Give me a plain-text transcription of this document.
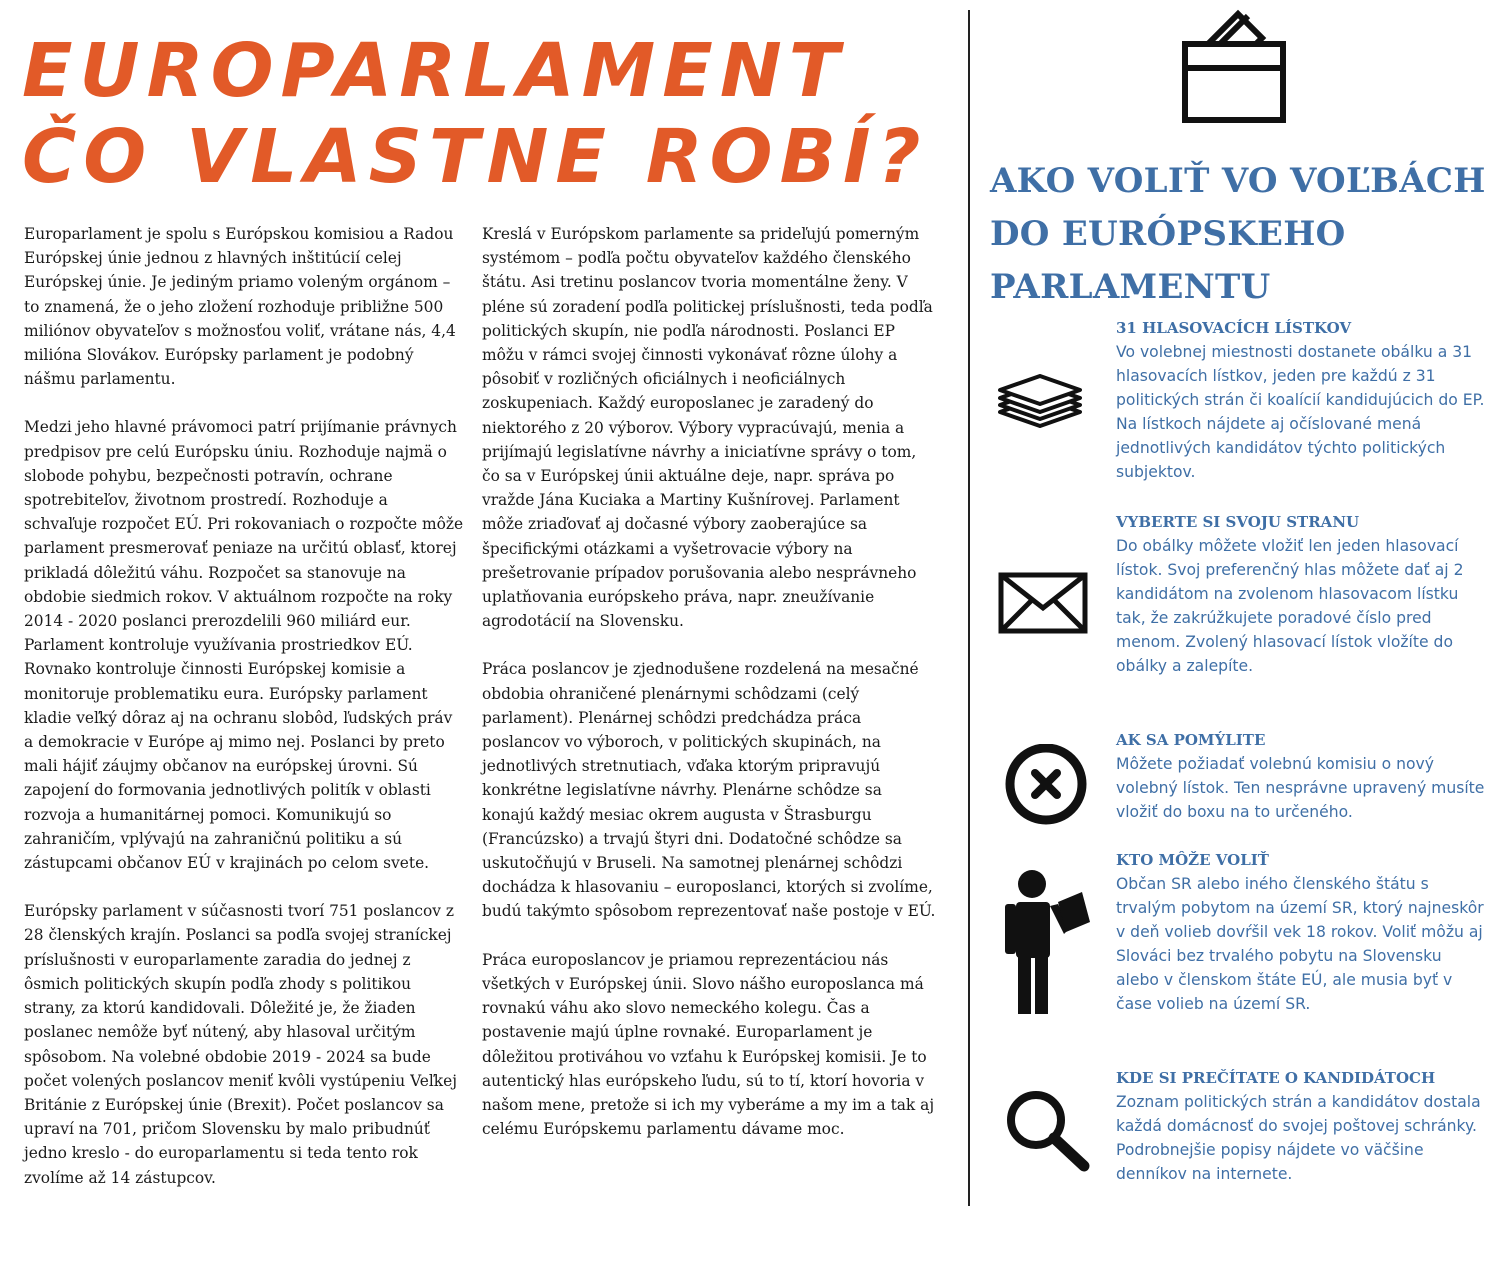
EUROPARLAMENT
ČO VLASTNE ROBÍ?

Europarlament je spolu s Európskou komisiou a Radou Európskej únie jednou z hlavných inštitúcií celej Európskej únie. Je jediným priamo voleným orgánom – to znamená, že o jeho zložení rozhoduje približne 500 miliónov obyvateľov s možnosťou voliť, vrátane nás, 4,4 milióna Slovákov. Európsky parlament je podobný nášmu parlamentu.

Medzi jeho hlavné právomoci patrí prijímanie právnych predpisov pre celú Európsku úniu. Rozhoduje najmä o slobode pohybu, bezpečnosti potravín, ochrane spotrebiteľov, životnom prostredí. Rozhoduje a schvaľuje rozpočet EÚ. Pri rokovaniach o rozpočte môže parlament presmerovať peniaze na určitú oblasť, ktorej prikladá dôležitú váhu. Rozpočet sa stanovuje na obdobie siedmich rokov. V aktuálnom rozpočte na roky 2014 - 2020 poslanci prerozdelili 960 miliárd eur. Parlament kontroluje využívania prostriedkov EÚ. Rovnako kontroluje činnosti Európskej komisie a monitoruje problematiku eura. Európsky parlament kladie veľký dôraz aj na ochranu slobôd, ľudských práv a demokracie v Európe aj mimo nej. Poslanci by preto mali hájiť záujmy občanov na európskej úrovni. Sú zapojení do formovania jednotlivých politík v oblasti rozvoja a humanitárnej pomoci. Komunikujú so zahraničím, vplývajú na zahraničnú politiku a sú zástupcami občanov EÚ v krajinách po celom svete.

Európsky parlament v súčasnosti tvorí 751 poslancov z 28 členských krajín. Poslanci sa podľa svojej straníckej príslušnosti v europarlamente zaradia do jednej z ôsmich politických skupín podľa zhody s politikou strany, za ktorú kandidovali. Dôležité je, že žiaden poslanec nemôže byť nútený, aby hlasoval určitým spôsobom. Na volebné obdobie 2019 - 2024 sa bude počet volených poslancov meniť kvôli vystúpeniu Veľkej Británie z Európskej únie (Brexit). Počet poslancov sa upraví na 701, pričom Slovensku by malo pribudnúť jedno kreslo - do europarlamentu si teda tento rok zvolíme až 14 zástupcov.

Kreslá v Európskom parlamente sa prideľujú pomerným systémom – podľa počtu obyvateľov každého členského štátu. Asi tretinu poslancov tvoria momentálne ženy. V pléne sú zoradení podľa politickej príslušnosti, teda podľa politických skupín, nie podľa národnosti. Poslanci EP môžu v rámci svojej činnosti vykonávať rôzne úlohy a pôsobiť v rozličných oficiálnych i neoficiálnych zoskupeniach. Každý europoslanec je zaradený do niektorého z 20 výborov. Výbory vypracúvajú, menia a prijímajú legislatívne návrhy a iniciatívne správy o tom, čo sa v Európskej únii aktuálne deje, napr. správa po vražde Jána Kuciaka a Martiny Kušnírovej. Parlament môže zriaďovať aj dočasné výbory zaoberajúce sa špecifickými otázkami a vyšetrovacie výbory na prešetrovanie prípadov porušovania alebo nesprávneho uplatňovania európskeho práva, napr. zneužívanie agrodotácií na Slovensku.

Práca poslancov je zjednodušene rozdelená na mesačné obdobia ohraničené plenárnymi schôdzami (celý parlament). Plenárnej schôdzi predchádza práca poslancov vo výboroch, v politických skupinách, na jednotlivých stretnutiach, vďaka ktorým pripravujú konkrétne legislatívne návrhy. Plenárne schôdze sa konajú každý mesiac okrem augusta v Štrasburgu (Francúzsko) a trvajú štyri dni. Dodatočné schôdze sa uskutočňujú v Bruseli. Na samotnej plenárnej schôdzi dochádza k hlasovaniu – europoslanci, ktorých si zvolíme, budú takýmto spôsobom reprezentovať naše postoje v EÚ.

Práca europoslancov je priamou reprezentáciou nás všetkých v Európskej únii. Slovo nášho europoslanca má rovnakú váhu ako slovo nemeckého kolegu. Čas a postavenie majú úplne rovnaké. Europarlament je dôležitou protiváhou vo vzťahu k Európskej komisii. Je to autentický hlas európskeho ľudu, sú to tí, ktorí hovoria v našom mene, pretože si ich my vyberáme a my im a tak aj celému Európskemu parlamentu dávame moc.

AKO VOLIŤ VO VOĽBÁCH DO EURÓPSKEHO PARLAMENTU
31 HLASOVACÍCH LÍSTKOV

Vo volebnej miestnosti dostanete obálku a 31 hlasovacích lístkov, jeden pre každú z 31 politických strán či koalícií kandidujúcich do EP. Na lístkoch nájdete aj očíslované mená jednotlivých kandidátov týchto politických subjektov.

VYBERTE SI SVOJU STRANU

Do obálky môžete vložiť len jeden hlasovací lístok. Svoj preferenčný hlas môžete dať aj 2 kandidátom na zvolenom hlasovacom lístku tak, že zakrúžkujete poradové číslo pred menom. Zvolený hlasovací lístok vložíte do obálky a zalepíte.

AK SA POMÝLITE

Môžete požiadať volebnú komisiu o nový volebný lístok. Ten nesprávne upravený musíte vložiť do boxu na to určeného.

KTO MÔŽE VOLIŤ

Občan SR alebo iného členského štátu s trvalým pobytom na území SR, ktorý najneskôr v deň volieb dovŕšil vek 18 rokov. Voliť môžu aj Slováci bez trvalého pobytu na Slovensku alebo v členskom štáte EÚ, ale musia byť v čase volieb na území SR.

KDE SI PREČÍTATE O KANDIDÁTOCH

Zoznam politických strán a kandidátov dostala každá domácnosť do svojej poštovej schránky. Podrobnejšie popisy nájdete vo väčšine denníkov na internete.
